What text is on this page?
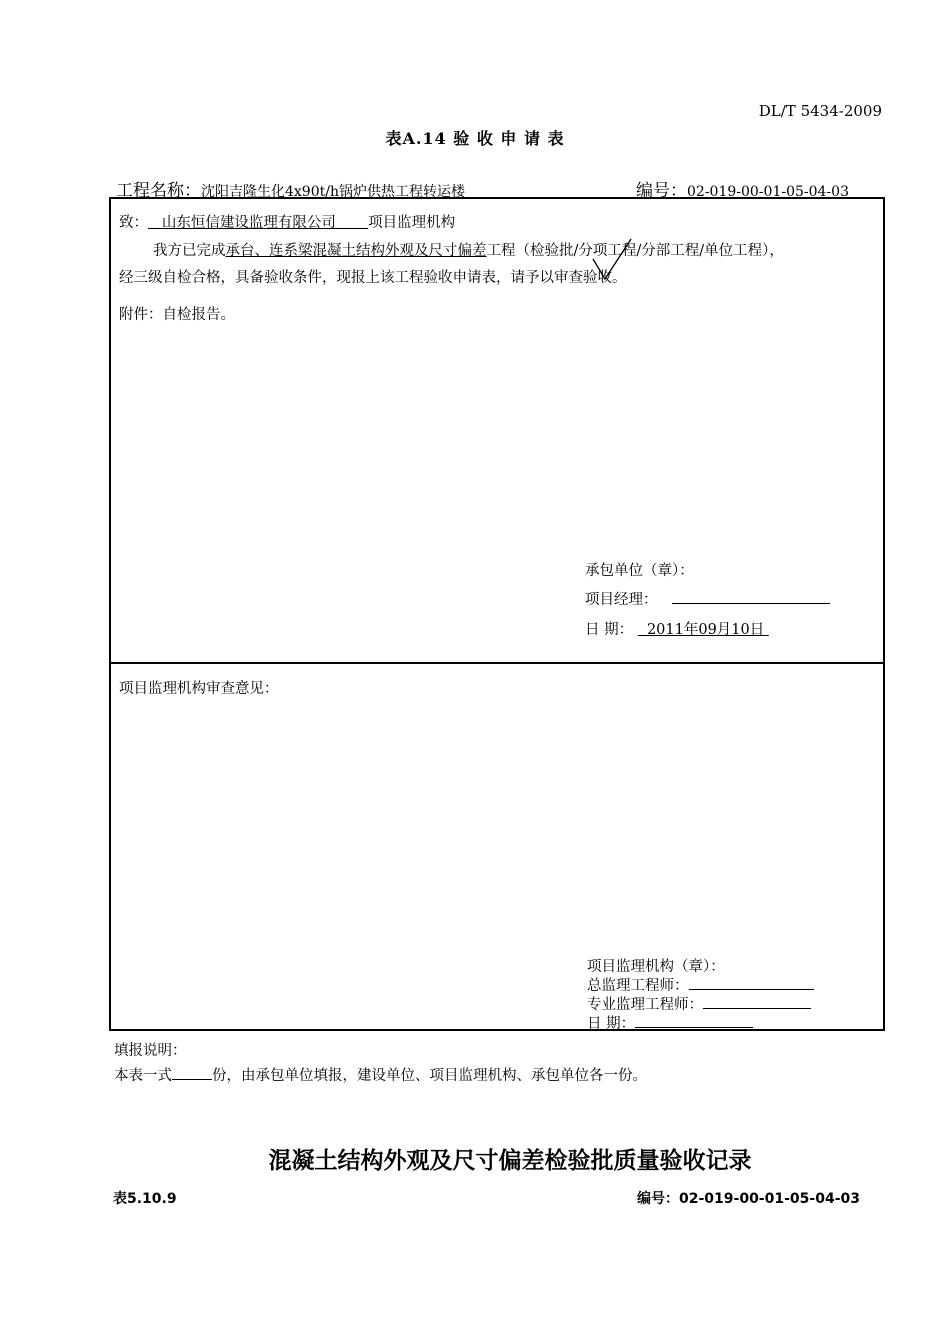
DL/T 5434-2009
表A.14 验 收 申 请 表
工程名称：沈阳吉隆生化4x90t/h锅炉供热工程转运楼	编号：02-019-00-01-05-04-03
致： 山东恒信建设监理有限公司 项目监理机构
我方已完成承台、连系梁混凝土结构外观及尺寸偏差工程（检验批/分项工程/分部工程/单位工程），
经三级自检合格，具备验收条件，现报上该工程验收申请表，请予以审查验收。
附件：自检报告。
承包单位（章）：
项目经理：
日 期： 2011年09月10日
项目监理机构审查意见：
项目监理机构（章）：
总监理工程师：
专业监理工程师：
日 期：
填报说明：
本表一式	份，由承包单位填报，建设单位、项目监理机构、承包单位各一份。
混凝土结构外观及尺寸偏差检验批质量验收记录
表5.10.9	编号：02-019-00-01-05-04-03
